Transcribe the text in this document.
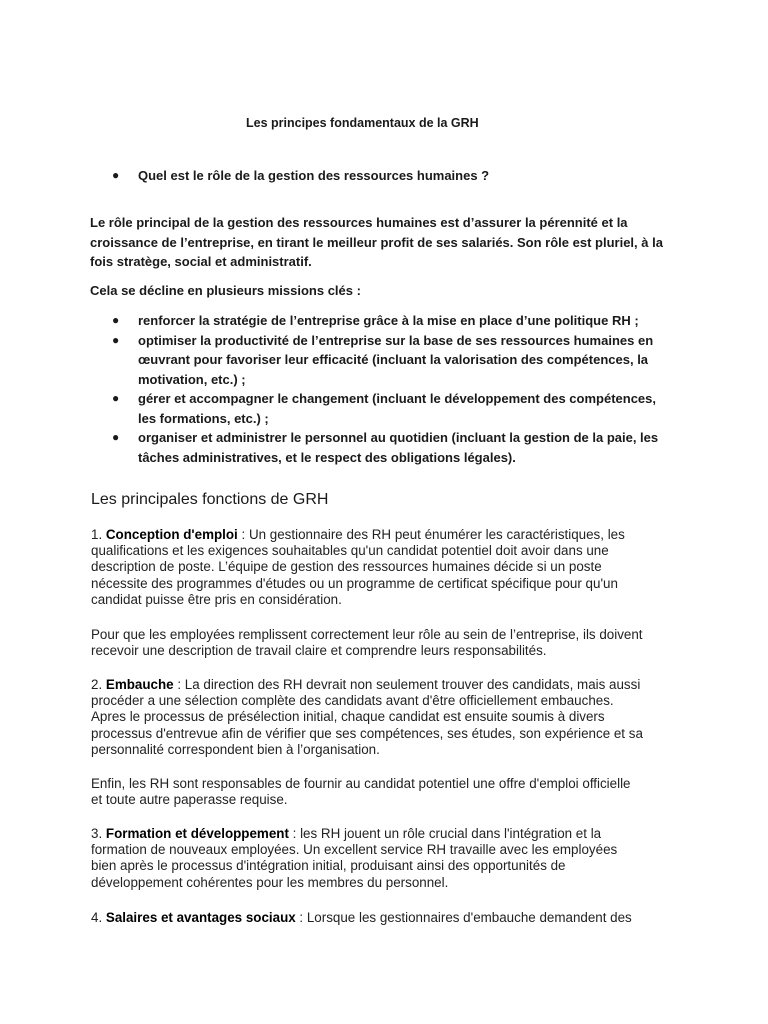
Les principes fondamentaux de la GRH
●	Quel est le rôle de la gestion des ressources humaines ?

Le rôle principal de la gestion des ressources humaines est d’assurer la pérennité et la
croissance de l’entreprise, en tirant le meilleur profit de ses salariés. Son rôle est pluriel, à la
fois stratège, social et administratif.

Cela se décline en plusieurs missions clés :

● renforcer la stratégie de l’entreprise grâce à la mise en place d’une politique RH ;
● optimiser la productivité de l’entreprise sur la base de ses ressources humaines en
œuvrant pour favoriser leur efficacité (incluant la valorisation des compétences, la
motivation, etc.) ;
● gérer et accompagner le changement (incluant le développement des compétences,
les formations, etc.) ;
● organiser et administrer le personnel au quotidien (incluant la gestion de la paie, les
tâches administratives, et le respect des obligations légales).
Les principales fonctions de GRH

1. Conception d'emploi : Un gestionnaire des RH peut énumérer les caractéristiques, les
qualifications et les exigences souhaitables qu'un candidat potentiel doit avoir dans une
description de poste. L’équipe de gestion des ressources humaines décide si un poste
nécessite des programmes d'études ou un programme de certificat spécifique pour qu'un
candidat puisse être pris en considération.

Pour que les employées remplissent correctement leur rôle au sein de l’entreprise, ils doivent
recevoir une description de travail claire et comprendre leurs responsabilités.

2. Embauche : La direction des RH devrait non seulement trouver des candidats, mais aussi
procéder a une sélection complète des candidats avant d'être officiellement embauches.
Apres le processus de présélection initial, chaque candidat est ensuite soumis à divers
processus d'entrevue afin de vérifier que ses compétences, ses études, son expérience et sa
personnalité correspondent bien à l’organisation.

Enfin, les RH sont responsables de fournir au candidat potentiel une offre d'emploi officielle
et toute autre paperasse requise.

3. Formation et développement : les RH jouent un rôle crucial dans l'intégration et la
formation de nouveaux employées. Un excellent service RH travaille avec les employées
bien après le processus d'intégration initial, produisant ainsi des opportunités de
développement cohérentes pour les membres du personnel.

4. Salaires et avantages sociaux : Lorsque les gestionnaires d'embauche demandent des
